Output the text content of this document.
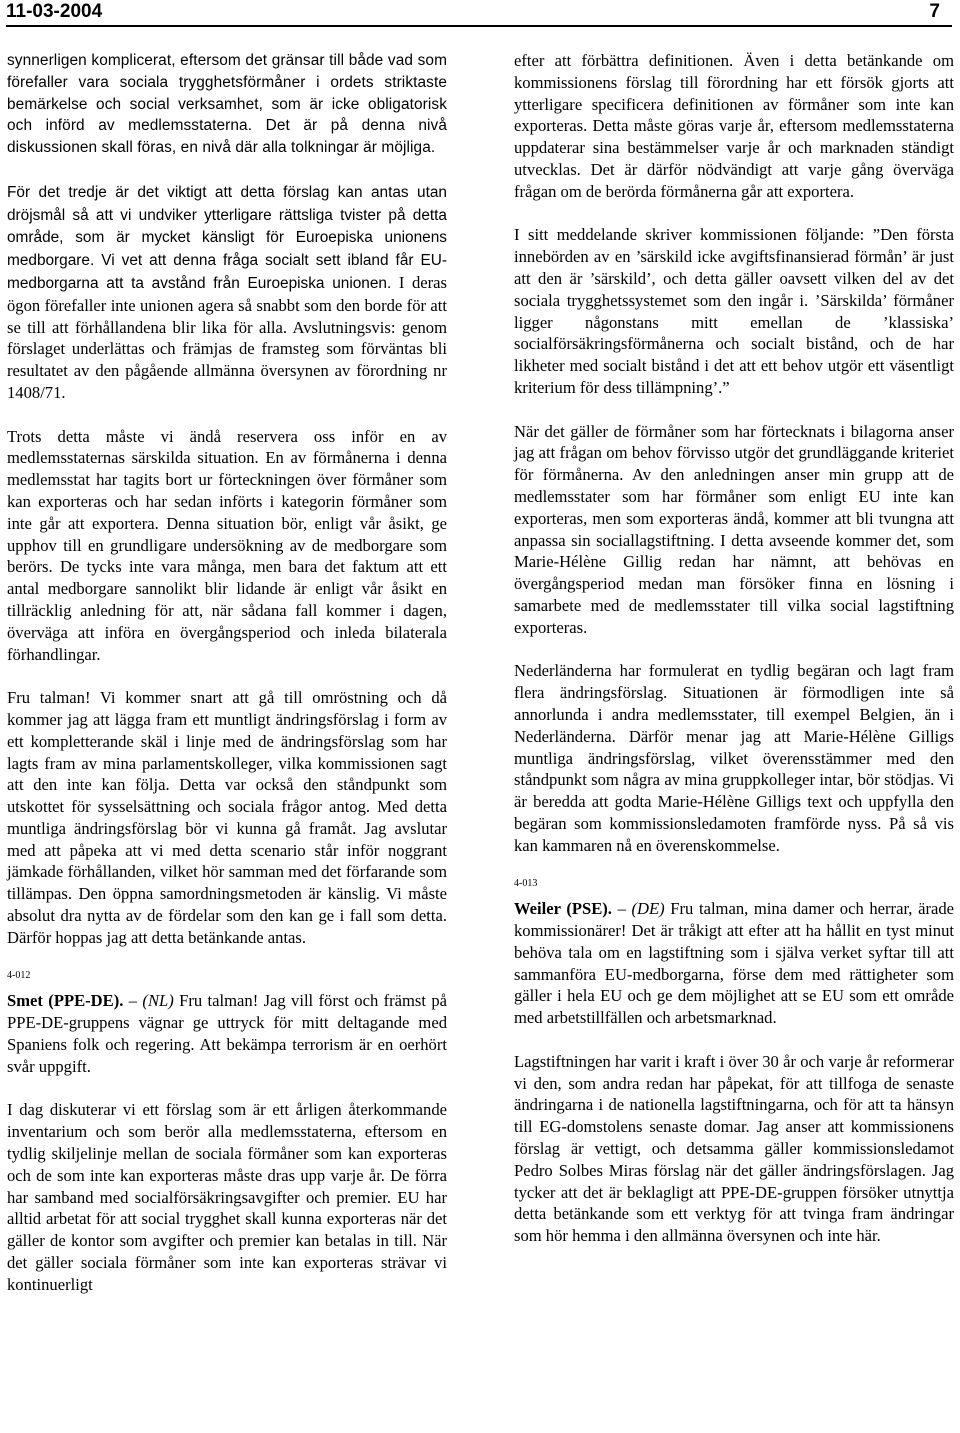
11-03-2004	7

synnerligen komplicerat, eftersom det gränsar till både vad som förefaller vara sociala trygghetsförmåner i ordets striktaste bemärkelse och social verksamhet, som är icke obligatorisk och införd av medlemsstaterna. Det är på denna nivå diskussionen skall föras, en nivå där alla tolkningar är möjliga.

För det tredje är det viktigt att detta förslag kan antas utan dröjsmål så att vi undviker ytterligare rättsliga tvister på detta område, som är mycket känsligt för Euroepiska unionens medborgare. Vi vet att denna fråga socialt sett ibland får EU-medborgarna att ta avstånd från Euroepiska unionen. I deras ögon förefaller inte unionen agera så snabbt som den borde för att se till att förhållandena blir lika för alla. Avslutningsvis: genom förslaget underlättas och främjas de framsteg som förväntas bli resultatet av den pågående allmänna översynen av förordning nr 1408/71.

Trots detta måste vi ändå reservera oss inför en av medlemsstaternas särskilda situation. En av förmånerna i denna medlemsstat har tagits bort ur förteckningen över förmåner som kan exporteras och har sedan införts i kategorin förmåner som inte går att exportera. Denna situation bör, enligt vår åsikt, ge upphov till en grundligare undersökning av de medborgare som berörs. De tycks inte vara många, men bara det faktum att ett antal medborgare sannolikt blir lidande är enligt vår åsikt en tillräcklig anledning för att, när sådana fall kommer i dagen, överväga att införa en övergångsperiod och inleda bilaterala förhandlingar.

Fru talman! Vi kommer snart att gå till omröstning och då kommer jag att lägga fram ett muntligt ändringsförslag i form av ett kompletterande skäl i linje med de ändringsförslag som har lagts fram av mina parlamentskolleger, vilka kommissionen sagt att den inte kan följa. Detta var också den ståndpunkt som utskottet för sysselsättning och sociala frågor antog. Med detta muntliga ändringsförslag bör vi kunna gå framåt. Jag avslutar med att påpeka att vi med detta scenario står inför noggrant jämkade förhållanden, vilket hör samman med det förfarande som tillämpas. Den öppna samordningsmetoden är känslig. Vi måste absolut dra nytta av de fördelar som den kan ge i fall som detta. Därför hoppas jag att detta betänkande antas.

4-012

Smet (PPE-DE). – (NL) Fru talman! Jag vill först och främst på PPE-DE-gruppens vägnar ge uttryck för mitt deltagande med Spaniens folk och regering. Att bekämpa terrorism är en oerhört svår uppgift.

I dag diskuterar vi ett förslag som är ett årligen återkommande inventarium och som berör alla medlemsstaterna, eftersom en tydlig skiljelinje mellan de sociala förmåner som kan exporteras och de som inte kan exporteras måste dras upp varje år. De förra har samband med socialförsäkringsavgifter och premier. EU har alltid arbetat för att social trygghet skall kunna exporteras när det gäller de kontor som avgifter och premier kan betalas in till. När det gäller sociala förmåner som inte kan exporteras strävar vi kontinuerligt

efter att förbättra definitionen. Även i detta betänkande om kommissionens förslag till förordning har ett försök gjorts att ytterligare specificera definitionen av förmåner som inte kan exporteras. Detta måste göras varje år, eftersom medlemsstaterna uppdaterar sina bestämmelser varje år och marknaden ständigt utvecklas. Det är därför nödvändigt att varje gång överväga frågan om de berörda förmånerna går att exportera.

I sitt meddelande skriver kommissionen följande: ”Den första innebörden av en ’särskild icke avgiftsfinansierad förmån’ är just att den är ’särskild’, och detta gäller oavsett vilken del av det sociala trygghetssystemet som den ingår i. ’Särskilda’ förmåner ligger någonstans mitt emellan de ’klassiska’ socialförsäkringsförmånerna och socialt bistånd, och de har likheter med socialt bistånd i det att ett behov utgör ett väsentligt kriterium för dess tillämpning’.”

När det gäller de förmåner som har förtecknats i bilagorna anser jag att frågan om behov förvisso utgör det grundläggande kriteriet för förmånerna. Av den anledningen anser min grupp att de medlemsstater som har förmåner som enligt EU inte kan exporteras, men som exporteras ändå, kommer att bli tvungna att anpassa sin sociallagstiftning. I detta avseende kommer det, som Marie-Hélène Gillig redan har nämnt, att behövas en övergångsperiod medan man försöker finna en lösning i samarbete med de medlemsstater till vilka social lagstiftning exporteras.

Nederländerna har formulerat en tydlig begäran och lagt fram flera ändringsförslag. Situationen är förmodligen inte så annorlunda i andra medlemsstater, till exempel Belgien, än i Nederländerna. Därför menar jag att Marie-Hélène Gilligs muntliga ändringsförslag, vilket överensstämmer med den ståndpunkt som några av mina gruppkolleger intar, bör stödjas. Vi är beredda att godta Marie-Hélène Gilligs text och uppfylla den begäran som kommissionsledamoten framförde nyss. På så vis kan kammaren nå en överenskommelse.

4-013

Weiler (PSE). – (DE) Fru talman, mina damer och herrar, ärade kommissionärer! Det är tråkigt att efter att ha hållit en tyst minut behöva tala om en lagstiftning som i själva verket syftar till att sammanföra EU-medborgarna, förse dem med rättigheter som gäller i hela EU och ge dem möjlighet att se EU som ett område med arbetstillfällen och arbetsmarknad.

Lagstiftningen har varit i kraft i över 30 år och varje år reformerar vi den, som andra redan har påpekat, för att tillfoga de senaste ändringarna i de nationella lagstiftningarna, och för att ta hänsyn till EG-domstolens senaste domar. Jag anser att kommissionens förslag är vettigt, och detsamma gäller kommissionsledamot Pedro Solbes Miras förslag när det gäller ändringsförslagen. Jag tycker att det är beklagligt att PPE-DE-gruppen försöker utnyttja detta betänkande som ett verktyg för att tvinga fram ändringar som hör hemma i den allmänna översynen och inte här.
